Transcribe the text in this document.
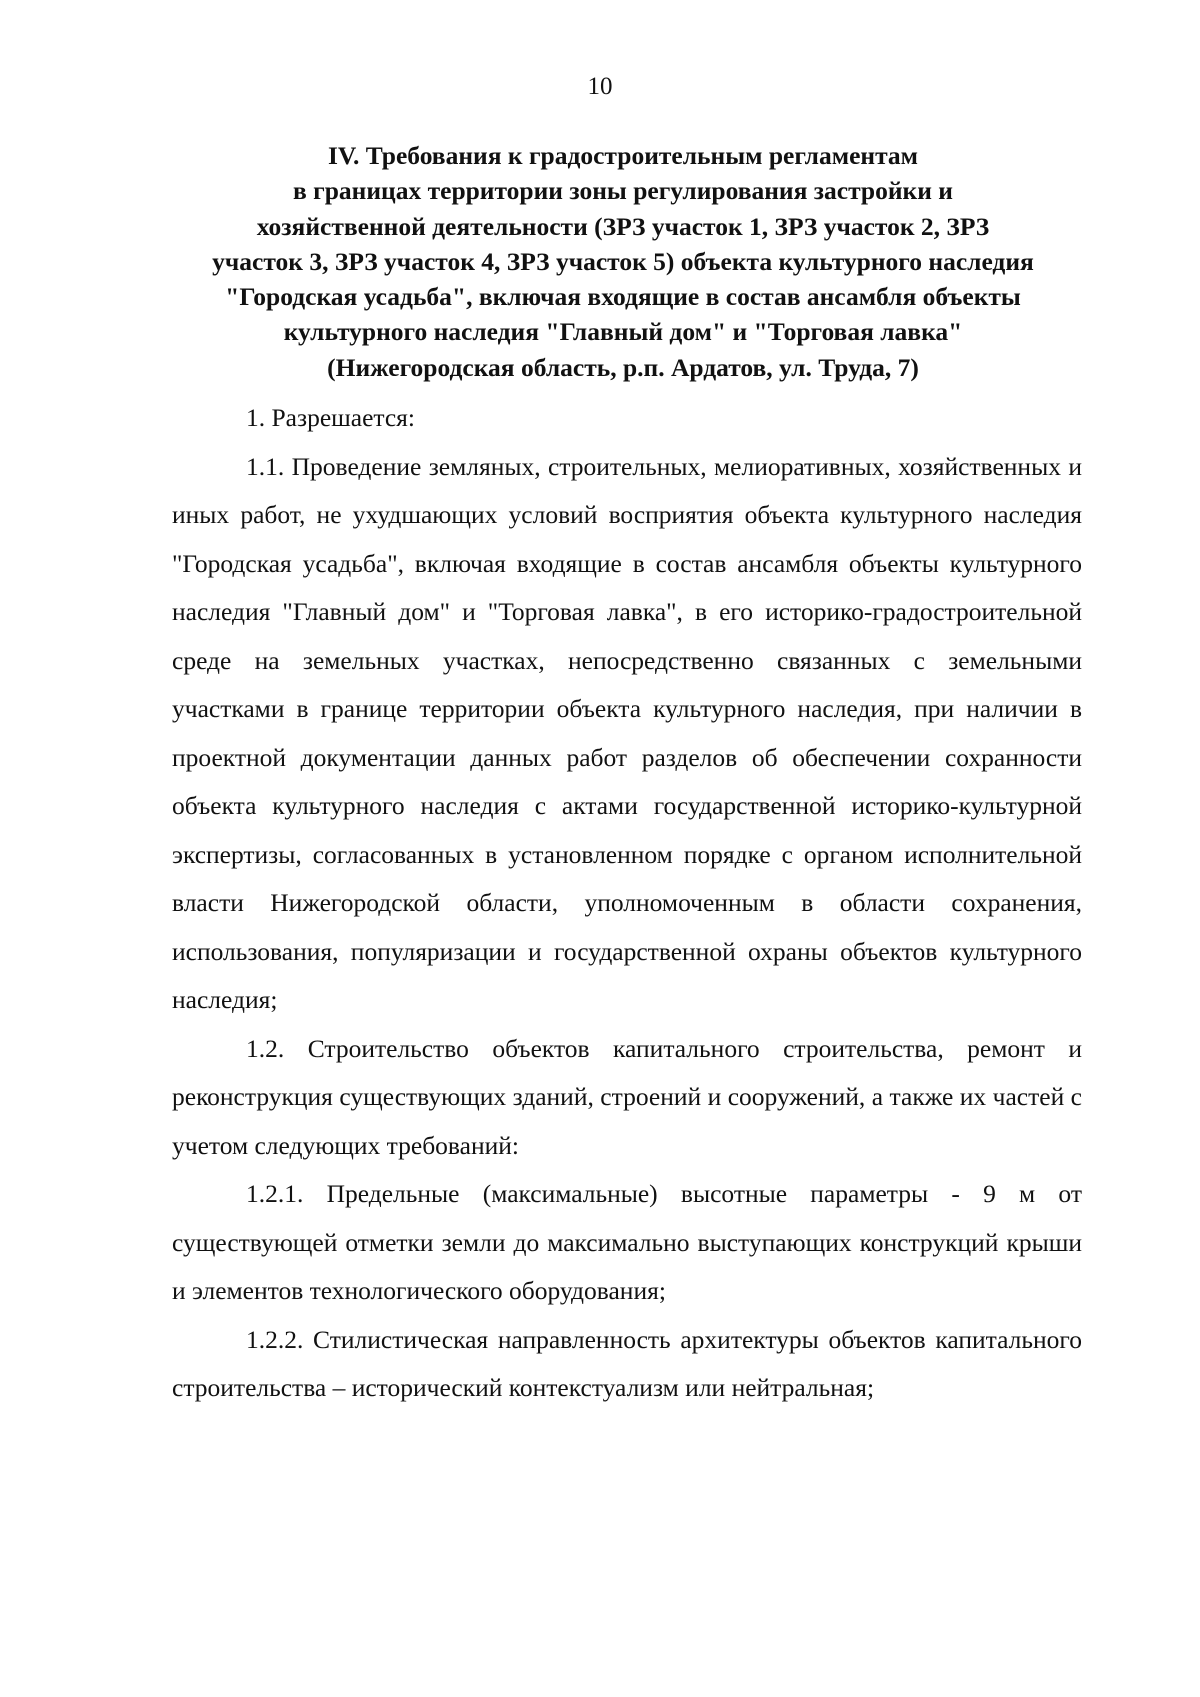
10
IV. Требования к градостроительным регламентам
в границах территории зоны регулирования застройки и
хозяйственной деятельности (ЗРЗ участок 1, ЗРЗ участок 2, ЗРЗ
участок 3, ЗРЗ участок 4, ЗРЗ участок 5) объекта культурного наследия
"Городская усадьба", включая входящие в состав ансамбля объекты
культурного наследия "Главный дом" и "Торговая лавка"
(Нижегородская область, р.п. Ардатов, ул. Труда, 7)

1. Разрешается:

1.1. Проведение земляных, строительных, мелиоративных, хозяйственных и иных работ, не ухудшающих условий восприятия объекта культурного наследия "Городская усадьба", включая входящие в состав ансамбля объекты культурного наследия "Главный дом" и "Торговая лавка", в его историко-градостроительной среде на земельных участках, непосредственно связанных с земельными участками в границе территории объекта культурного наследия, при наличии в проектной документации данных работ разделов об обеспечении сохранности объекта культурного наследия с актами государственной историко-культурной экспертизы, согласованных в установленном порядке с органом исполнительной власти Нижегородской области, уполномоченным в области сохранения, использования, популяризации и государственной охраны объектов культурного наследия;

1.2. Строительство объектов капитального строительства, ремонт и реконструкция существующих зданий, строений и сооружений, а также их частей с учетом следующих требований:

1.2.1. Предельные (максимальные) высотные параметры - 9 м от существующей отметки земли до максимально выступающих конструкций крыши и элементов технологического оборудования;

1.2.2. Стилистическая направленность архитектуры объектов капитального строительства – исторический контекстуализм или нейтральная;
